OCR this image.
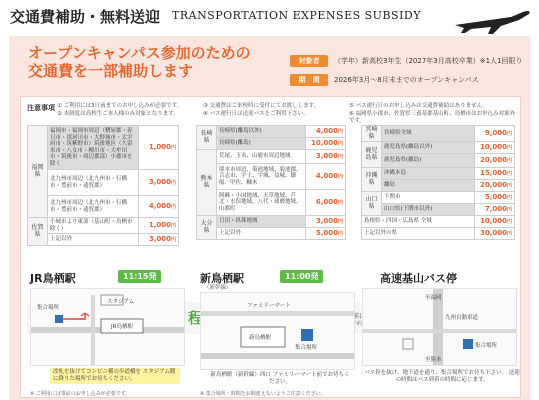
交通費補助・無料送迎 TRANSPORTATION EXPENSES SUBSIDY
オープンキャンパス参加のための
交通費を一部補助します
対象者	（学年）新高校3年生（2027年3月高校卒業）※1人1回限り
期　間	2026年3月〜8月末までのオープンキャンパス
注意事項 ① ご利用には3日前までのお申し込みが必要です。
② 本制度は高校生ご本人様のみ対象となります。
③ 交通費はご来校時に受付にてお渡しします。
④ バス運行日は送迎バスをご利用下さい。
⑤ バス運行日のお申し込みは交通費補助はありません。
⑥ 福岡県小郡市、佐賀県三養基郡基山町、鳥栖市はお申込み対象外です。
福岡県	福岡市・福岡市周辺（糟屋郡・春日市・那珂川市・大野城市・太宰府市・筑紫野市）筑後地区（久留米市・八女市・柳川市・大牟田市・筑後市・周辺郡部）小郡市を除く	1,000円
	北九州市周辺（北九州市・行橋市・豊前市・遠賀郡）	3,000円
	北九州市周辺（北九州市・行橋市・豊前市・遠賀郡）	4,000円
佐賀県	小城市より東部（基山町・鳥栖市除く）	1,000円
	上記以外	3,000円
長崎県	長崎県(離島以外)	4,000円
	長崎県(離島)	10,000円
熊本県	荒尾、玉名、山鹿市周辺地域	3,000円
	熊本市周辺、菊池地域、菊池郡、合志市、宇土、宇城、益城、御船、甲佐、糠木	4,000円
	阿蘇・小国地域、天草地域、芦北・水俣地域、八代・球磨地域、山都町	6,000円
大分県	日田・玖珠地域	3,000円
	上記以外	5,000円
宮崎県	宮崎県全域	9,000円
鹿児島県	鹿児島県(離島以外)	10,000円
	鹿児島県(離島)	20,000円
沖縄県	沖縄本島	15,000円
	離島	20,000円
山口県	下関市	5,000円
	山口県(下関市以外)	7,000円
島根県・四国・広島県 全域		10,000円
上記以外の県		30,000円
JR鳥栖駅	11:15発
スタジアム
JR鳥栖駅
集合場所
改札を抜けてコンビニ横の歩道橋を スタジアム側に降りた場所でお待ちください。
新鳥栖駅
（新幹線）
11:00発
ファミリーマート
新鳥栖駅
集合場所
新鳥栖駅（新幹線）西口 ファミリーマート前でお待ちください。
高速基山バス停
至福岡
九州自動車道
至熊本
集合場所
バス停を抜け、地下道を通り、集合場所でお待ち下さい。 送迎の時間はバス到着の時間に応じます。
※ ご利用には事前のお申し込みが必要です。	※ 集合場所・時間をお間違えないようご注意ください。
